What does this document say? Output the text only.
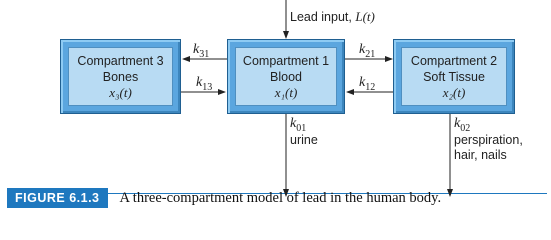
Lead input, L(t)
Compartment 3
Bones
x₃(t)
Compartment 1
Blood
x₁(t)
Compartment 2
Soft Tissue
x₂(t)
$k_{31}$
$k_{13}$
$k_{21}$
$k_{12}$
$k_{01}$
urine
$k_{02}$
perspiration,
hair, nails
FIGURE 6.1.3	A three-compartment model of lead in the human body.
